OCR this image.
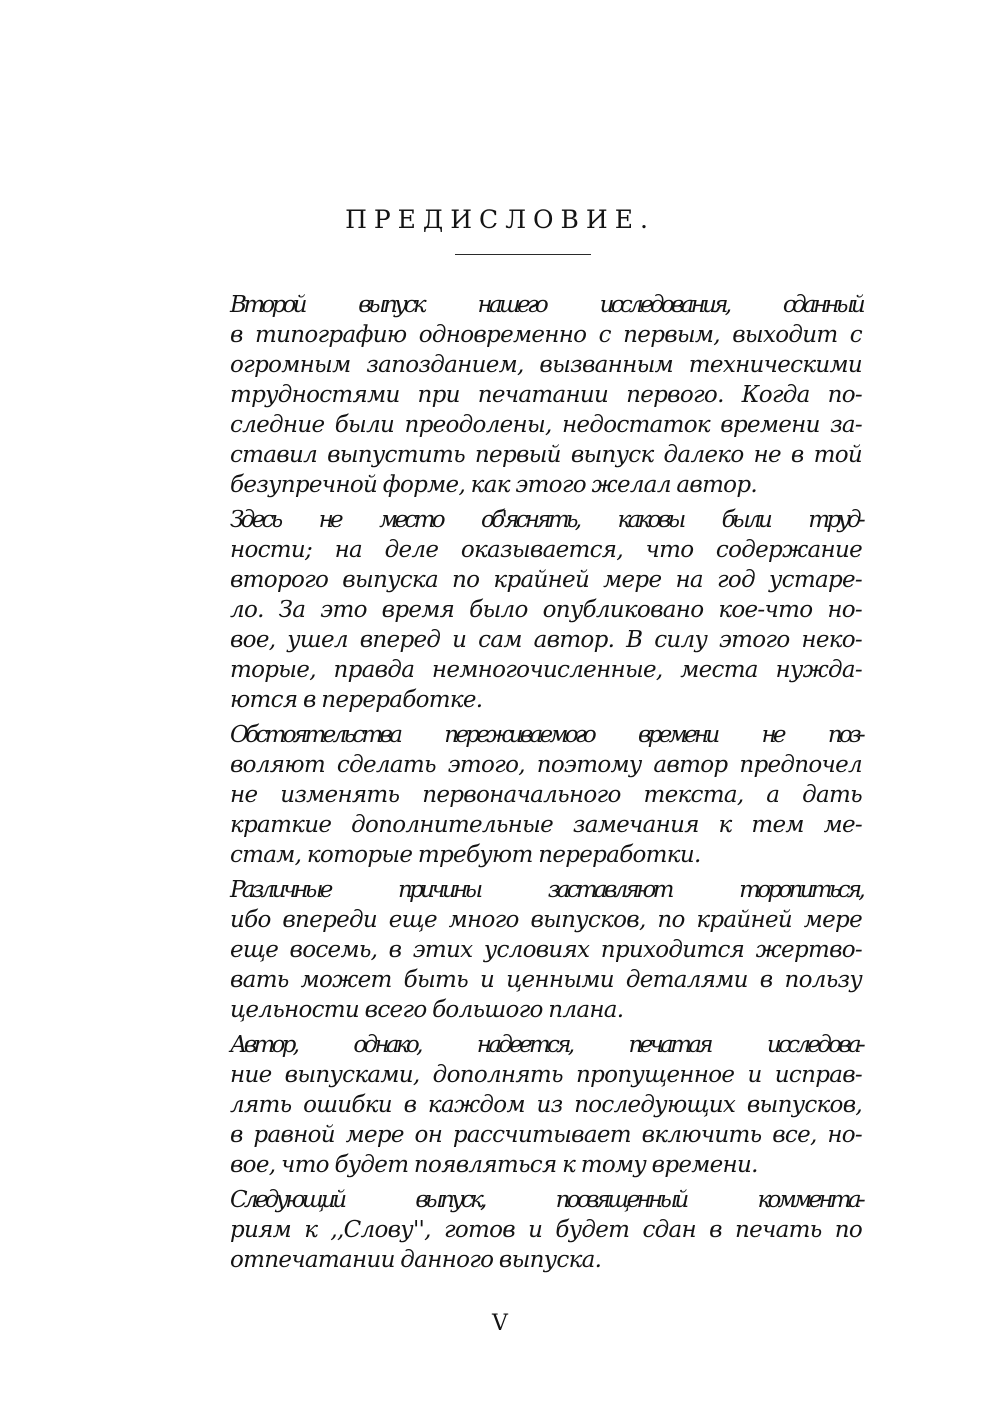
ПРЕДИСЛОВИЕ.

Второй выпуск нашего исследования, сданный
в типографию одновременно с первым, выходит с
огромным запозданием, вызванным техническими
трудностями при печатании первого. Когда по-
следние были преодолены, недостаток времени за-
ставил выпустить первый выпуск далеко не в той
безупречной форме, как этого желал автор.

Здесь не место об'яснять, каковы были труд-
ности; на деле оказывается, что содержание
второго выпуска по крайней мере на год устаре-
ло. За это время было опубликовано кое-что но-
вое, ушел вперед и сам автор. В силу этого неко-
торые, правда немногочисленные, места нужда-
ются в переработке.

Обстоятельства переживаемого времени не поз-
воляют сделать этого, поэтому автор предпочел
не изменять первоначального текста, а дать
краткие дополнительные замечания к тем ме-
стам, которые требуют переработки.

Различные причины заставляют торопиться,
ибо впереди еще много выпусков, по крайней мере
еще восемь, в этих условиях приходится жертво-
вать может быть и ценными деталями в пользу
цельности всего большого плана.

Автор, однако, надеется, печатая исследова-
ние выпусками, дополнять пропущенное и исправ-
лять ошибки в каждом из последующих выпусков,
в равной мере он рассчитывает включить все, но-
вое, что будет появляться к тому времени.

Следующий выпуск, посвященный коммента-
риям к ,,Слову'', готов и будет сдан в печать по
отпечатании данного выпуска.

V
